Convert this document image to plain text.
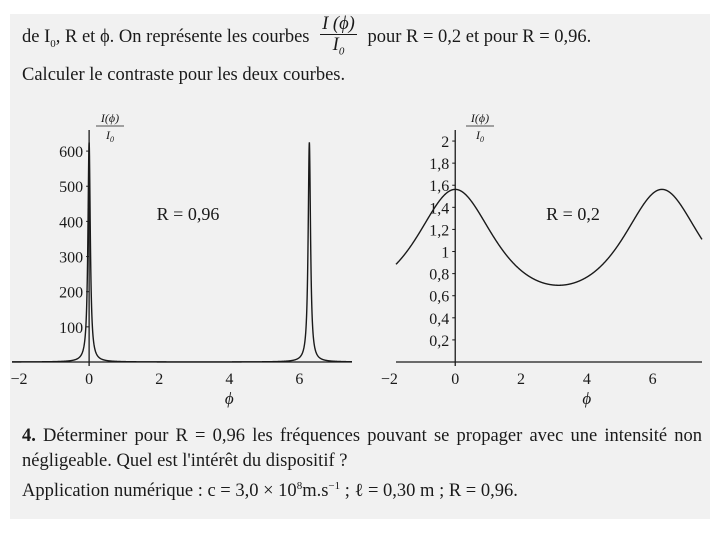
de $I_0$, R et ϕ. On représente les courbes $\frac{I (\phi)}{I_0}$ pour R = 0,2 et pour R = 0,96.
Calculer le contraste pour les deux courbes.
−2	0	2	4	6
100
200
300
400
500
600
I(ϕ)
$I_0$
ϕ
R = 0,96
−2	0	2	4	6
0,2
0,4
0,6
0,8
1
1,2
1,4
1,6
1,8
2
I(ϕ)
$I_0$
ϕ
R = 0,2
4. Déterminer pour R = 0,96 les fréquences pouvant se propager avec une intensité non négligeable. Quel est l'intérêt du dispositif ?
Application numérique : $c = 3,0 \times 10^8m.s^{-1}$ ; ℓ = 0,30 m ; R = 0,96.
